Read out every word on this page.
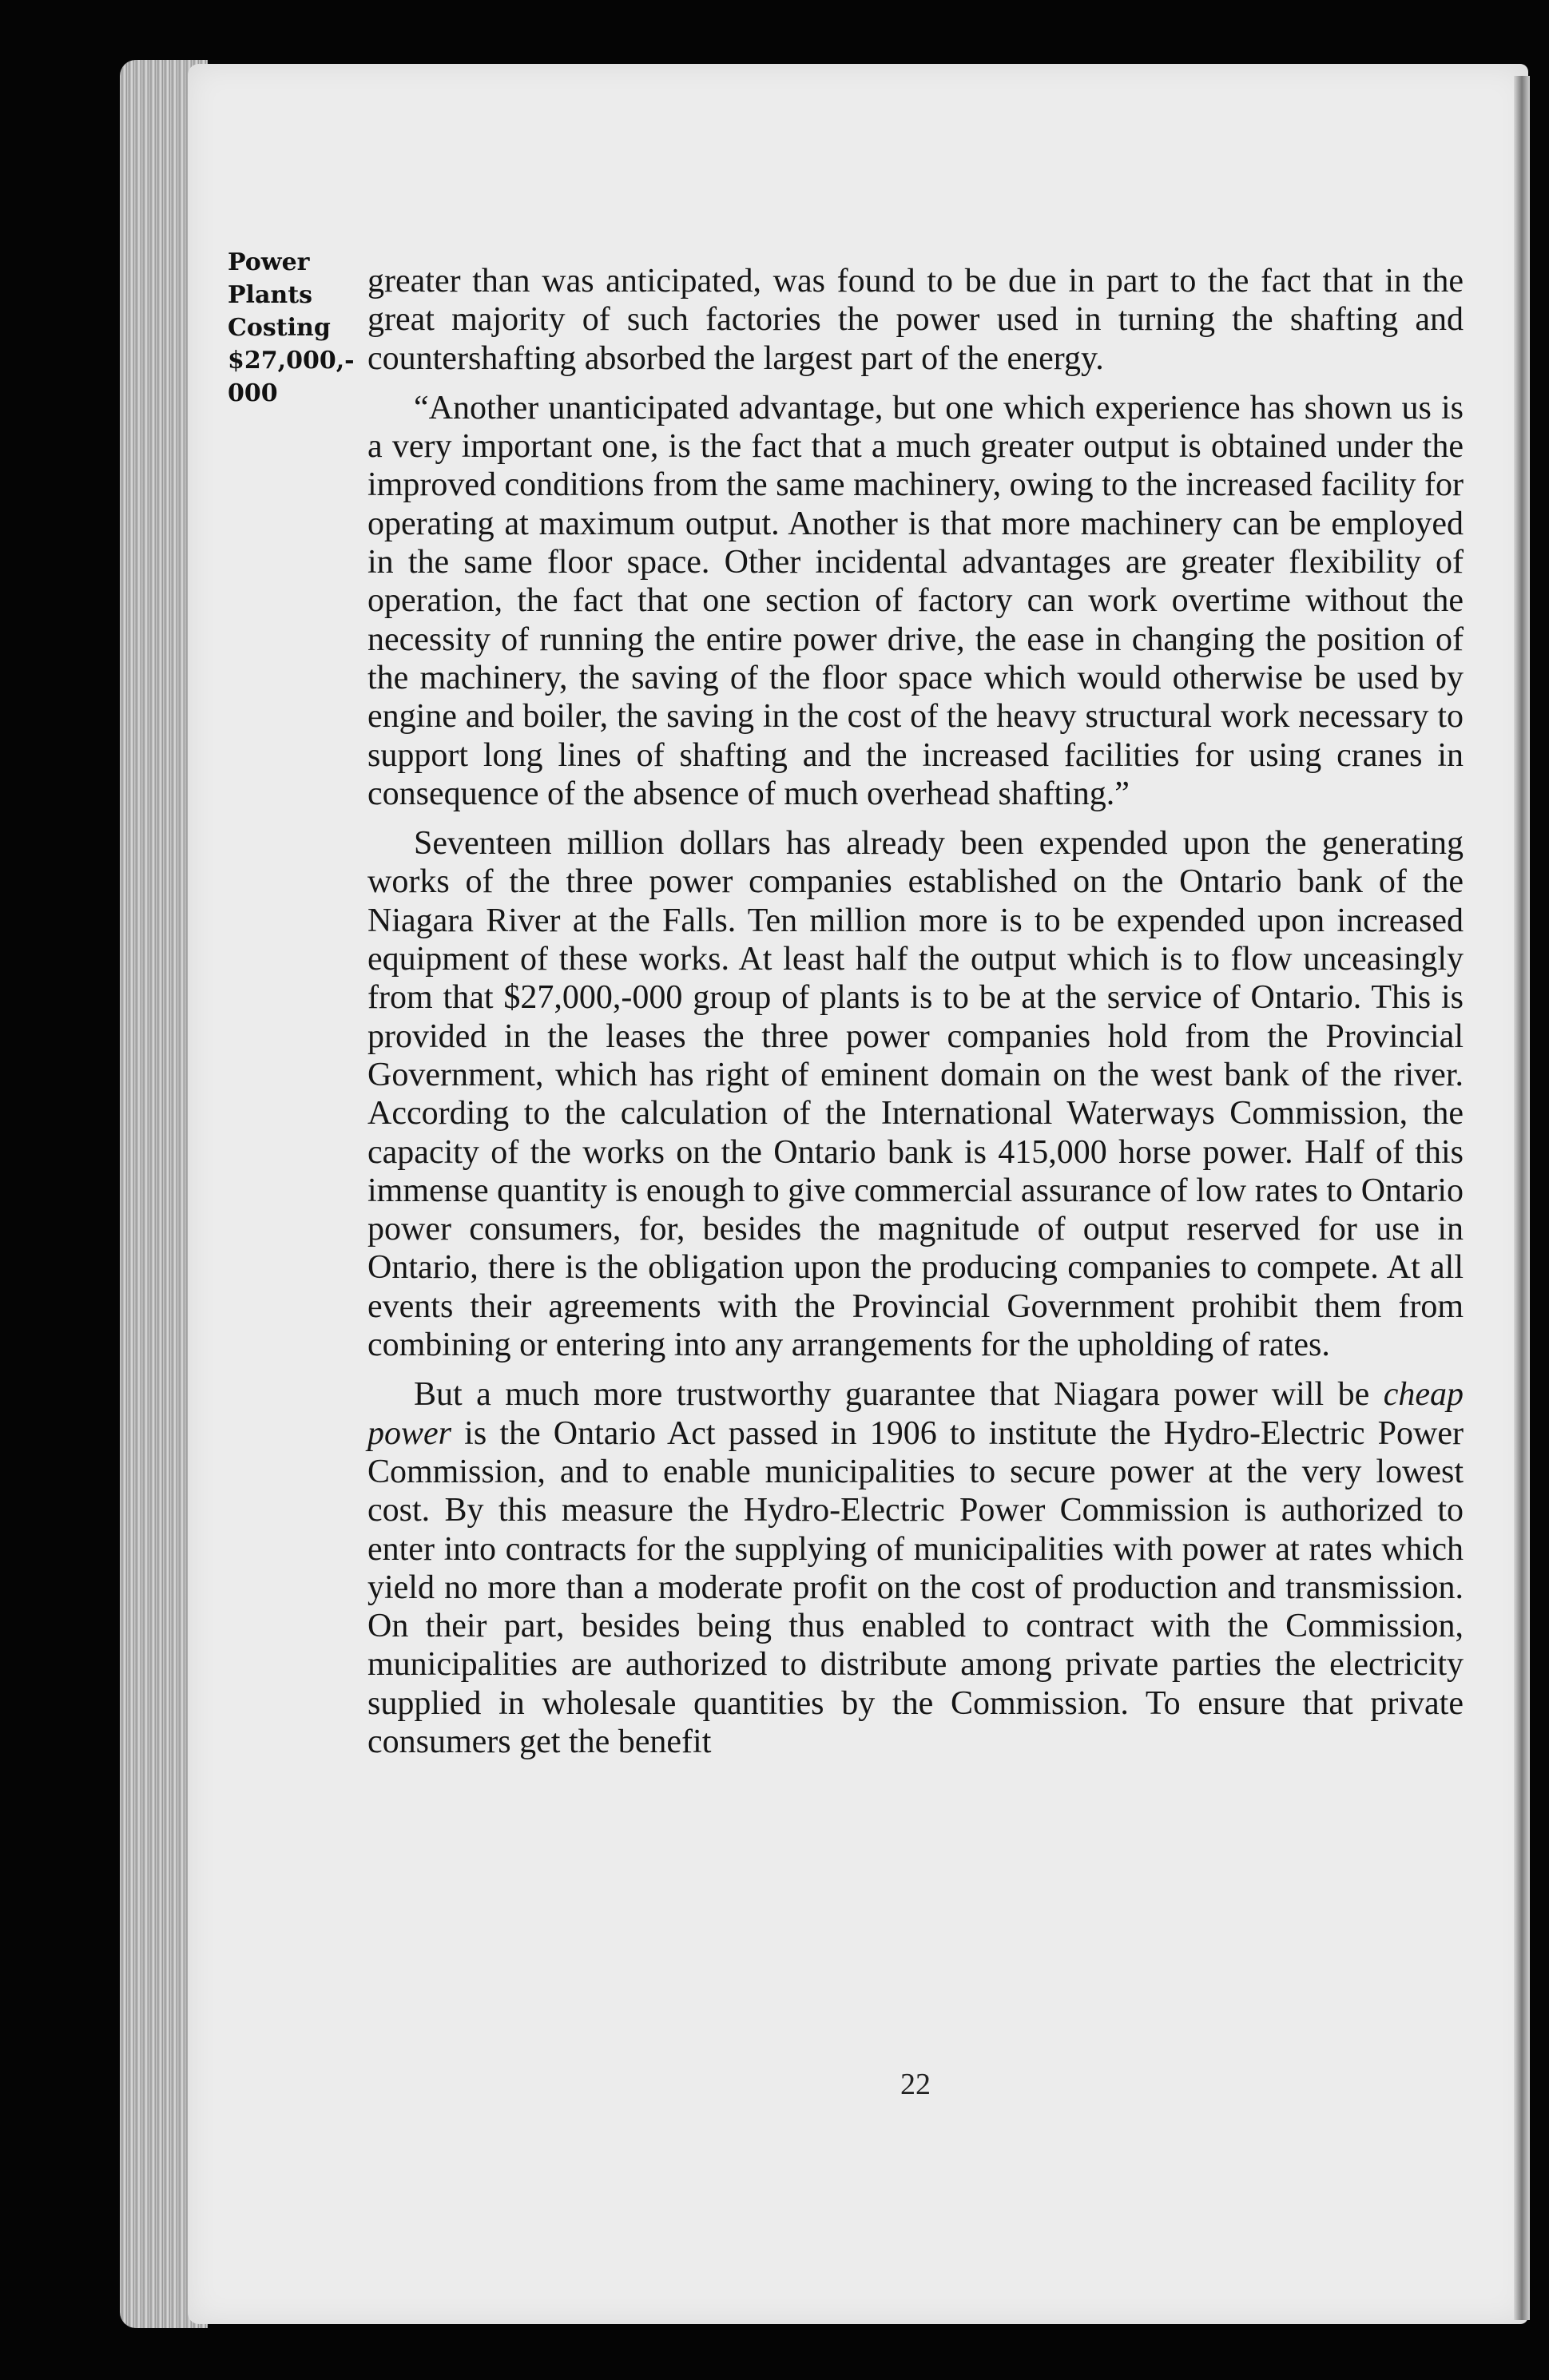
Power
Plants
Costing
$27,000,-
000

greater than was anticipated, was found to be due in part to the fact that in the great majority of such factories the power used in turning the shafting and countershafting absorbed the largest part of the energy.

“Another unanticipated advantage, but one which experience has shown us is a very important one, is the fact that a much greater output is obtained under the improved conditions from the same machinery, owing to the increased facility for operating at maximum output. Another is that more machinery can be employed in the same floor space. Other incidental advantages are greater flexibility of operation, the fact that one section of factory can work overtime without the necessity of running the entire power drive, the ease in changing the position of the machinery, the saving of the floor space which would otherwise be used by engine and boiler, the saving in the cost of the heavy structural work necessary to support long lines of shafting and the increased facilities for using cranes in consequence of the absence of much overhead shafting.”

Seventeen million dollars has already been expended upon the generating works of the three power companies established on the Ontario bank of the Niagara River at the Falls. Ten million more is to be expended upon increased equipment of these works. At least half the output which is to flow unceasingly from that $27,000,-000 group of plants is to be at the service of Ontario. This is provided in the leases the three power companies hold from the Provincial Government, which has right of eminent domain on the west bank of the river. According to the calculation of the International Waterways Commission, the capacity of the works on the Ontario bank is 415,000 horse power. Half of this immense quantity is enough to give commercial assurance of low rates to Ontario power consumers, for, besides the magnitude of output reserved for use in Ontario, there is the obligation upon the producing companies to compete. At all events their agreements with the Provincial Government prohibit them from combining or entering into any arrangements for the upholding of rates.

But a much more trustworthy guarantee that Niagara power will be cheap power is the Ontario Act passed in 1906 to institute the Hydro-Electric Power Commission, and to enable municipalities to secure power at the very lowest cost. By this measure the Hydro-Electric Power Commission is authorized to enter into contracts for the supplying of municipalities with power at rates which yield no more than a moderate profit on the cost of production and transmission. On their part, besides being thus enabled to contract with the Commission, municipalities are authorized to distribute among private parties the electricity supplied in wholesale quantities by the Commission. To ensure that private consumers get the benefit

22
